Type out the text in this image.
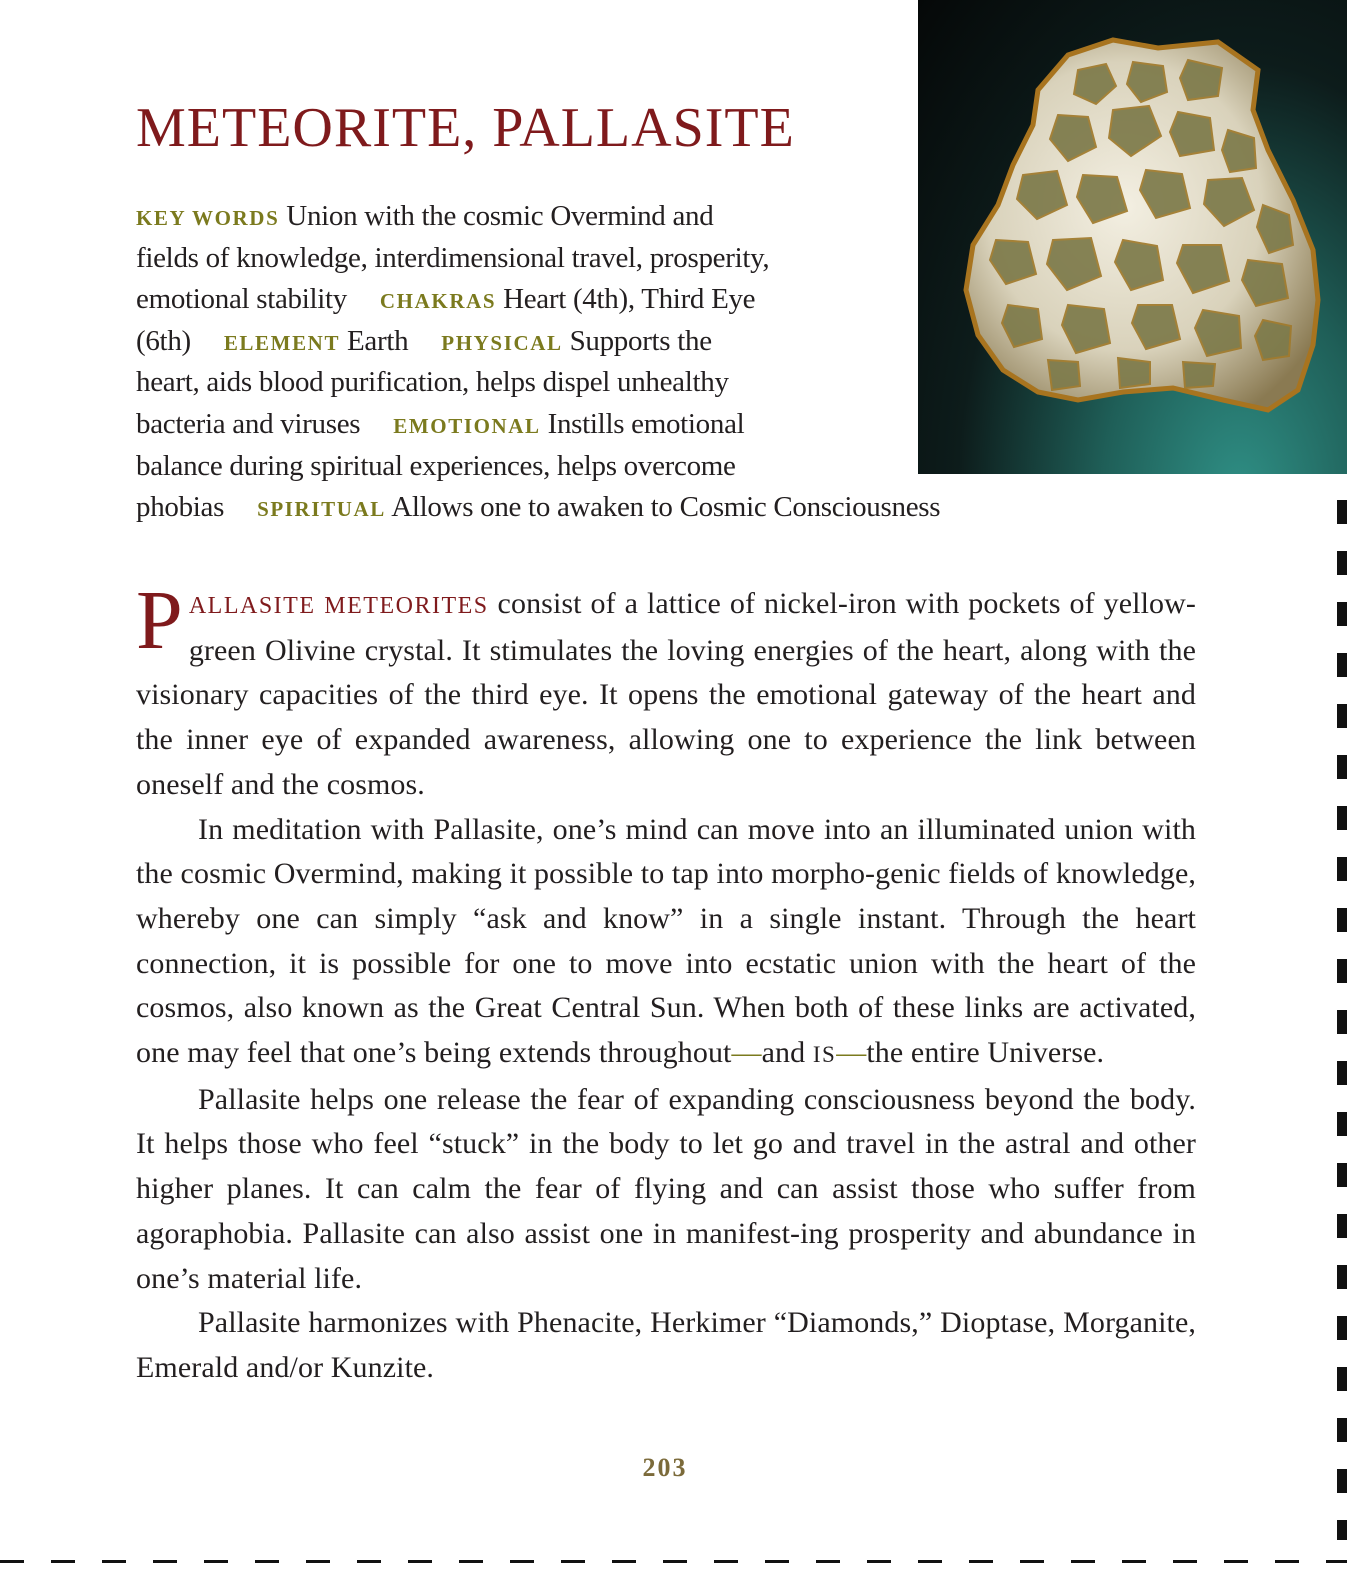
METEORITE, PALLASITE
KEY WORDS Union with the cosmic Overmind and
fields of knowledge, interdimensional travel, prosperity,
emotional stability CHAKRAS Heart (4th), Third Eye
(6th) ELEMENT Earth PHYSICAL Supports the
heart, aids blood purification, helps dispel unhealthy
bacteria and viruses EMOTIONAL Instills emotional
balance during spiritual experiences, helps overcome
phobias SPIRITUAL Allows one to awaken to Cosmic Consciousness

PALLASITE METEORITES consist of a lattice of nickel-iron with pockets of yellow-green Olivine crystal. It stimulates the loving energies of the heart, along with the visionary capacities of the third eye. It opens the emotional gateway of the heart and the inner eye of expanded awareness, allowing one to experience the link between oneself and the cosmos.

In meditation with Pallasite, one’s mind can move into an illuminated union with the cosmic Overmind, making it possible to tap into morpho-genic fields of knowledge, whereby one can simply “ask and know” in a single instant. Through the heart connection, it is possible for one to move into ecstatic union with the heart of the cosmos, also known as the Great Central Sun. When both of these links are activated, one may feel that one’s being extends throughout—and IS—the entire Universe.

Pallasite helps one release the fear of expanding consciousness beyond the body. It helps those who feel “stuck” in the body to let go and travel in the astral and other higher planes. It can calm the fear of flying and can assist those who suffer from agoraphobia. Pallasite can also assist one in manifest-ing prosperity and abundance in one’s material life.

Pallasite harmonizes with Phenacite, Herkimer “Diamonds,” Dioptase, Morganite, Emerald and/or Kunzite.

203
